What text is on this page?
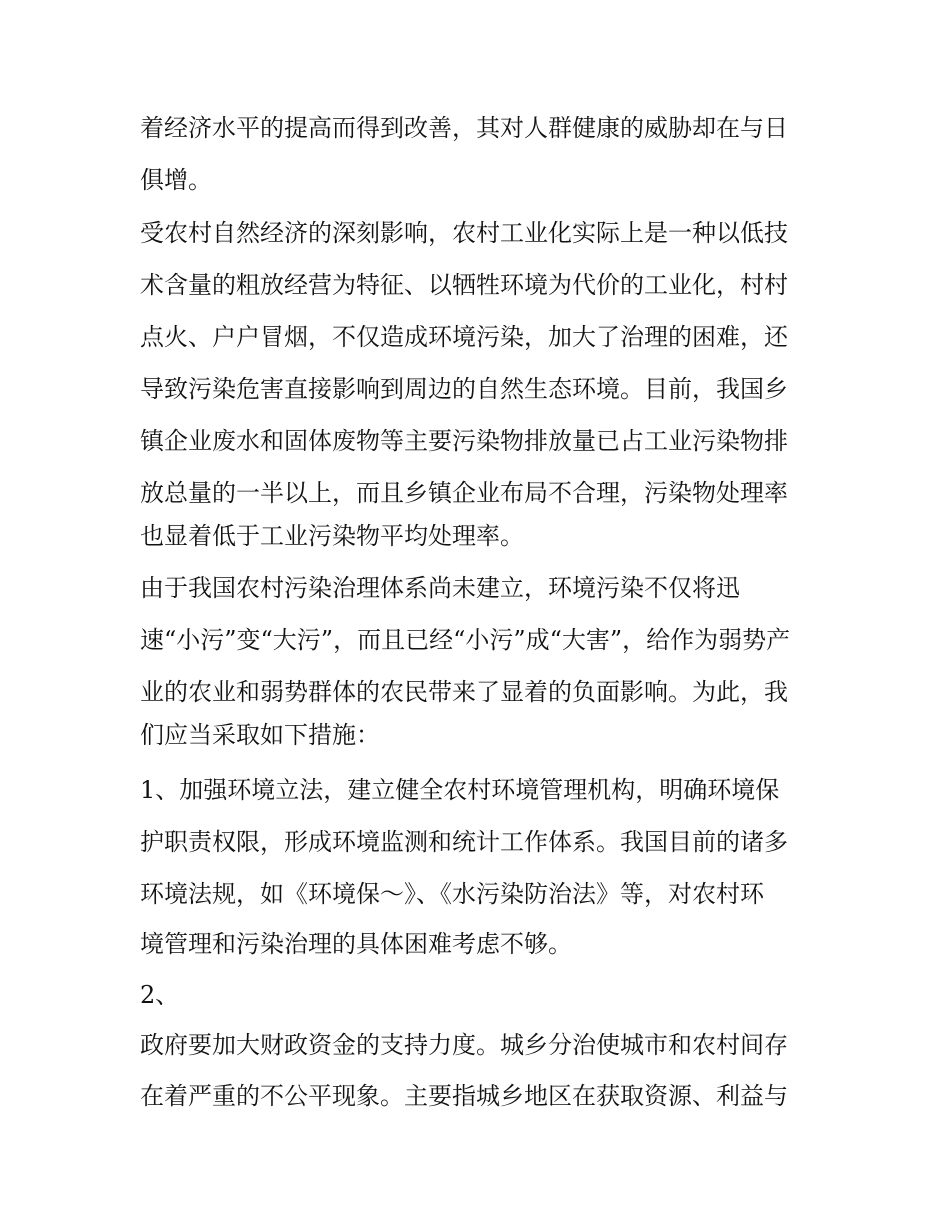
着经济水平的提高而得到改善，其对人群健康的威胁却在与日
俱增。
受农村自然经济的深刻影响，农村工业化实际上是一种以低技
术含量的粗放经营为特征、以牺牲环境为代价的工业化，村村
点火、户户冒烟，不仅造成环境污染，加大了治理的困难，还
导致污染危害直接影响到周边的自然生态环境。目前，我国乡
镇企业废水和固体废物等主要污染物排放量已占工业污染物排
放总量的一半以上，而且乡镇企业布局不合理，污染物处理率
也显着低于工业污染物平均处理率。
由于我国农村污染治理体系尚未建立，环境污染不仅将迅
速“小污”变“大污”，而且已经“小污”成“大害”，给作为弱势产
业的农业和弱势群体的农民带来了显着的负面影响。为此，我
们应当采取如下措施：
1、加强环境立法，建立健全农村环境管理机构，明确环境保
护职责权限，形成环境监测和统计工作体系。我国目前的诸多
环境法规，如《环境保～》、《水污染防治法》等，对农村环
境管理和污染治理的具体困难考虑不够。
2、
政府要加大财政资金的支持力度。城乡分治使城市和农村间存
在着严重的不公平现象。主要指城乡地区在获取资源、利益与
